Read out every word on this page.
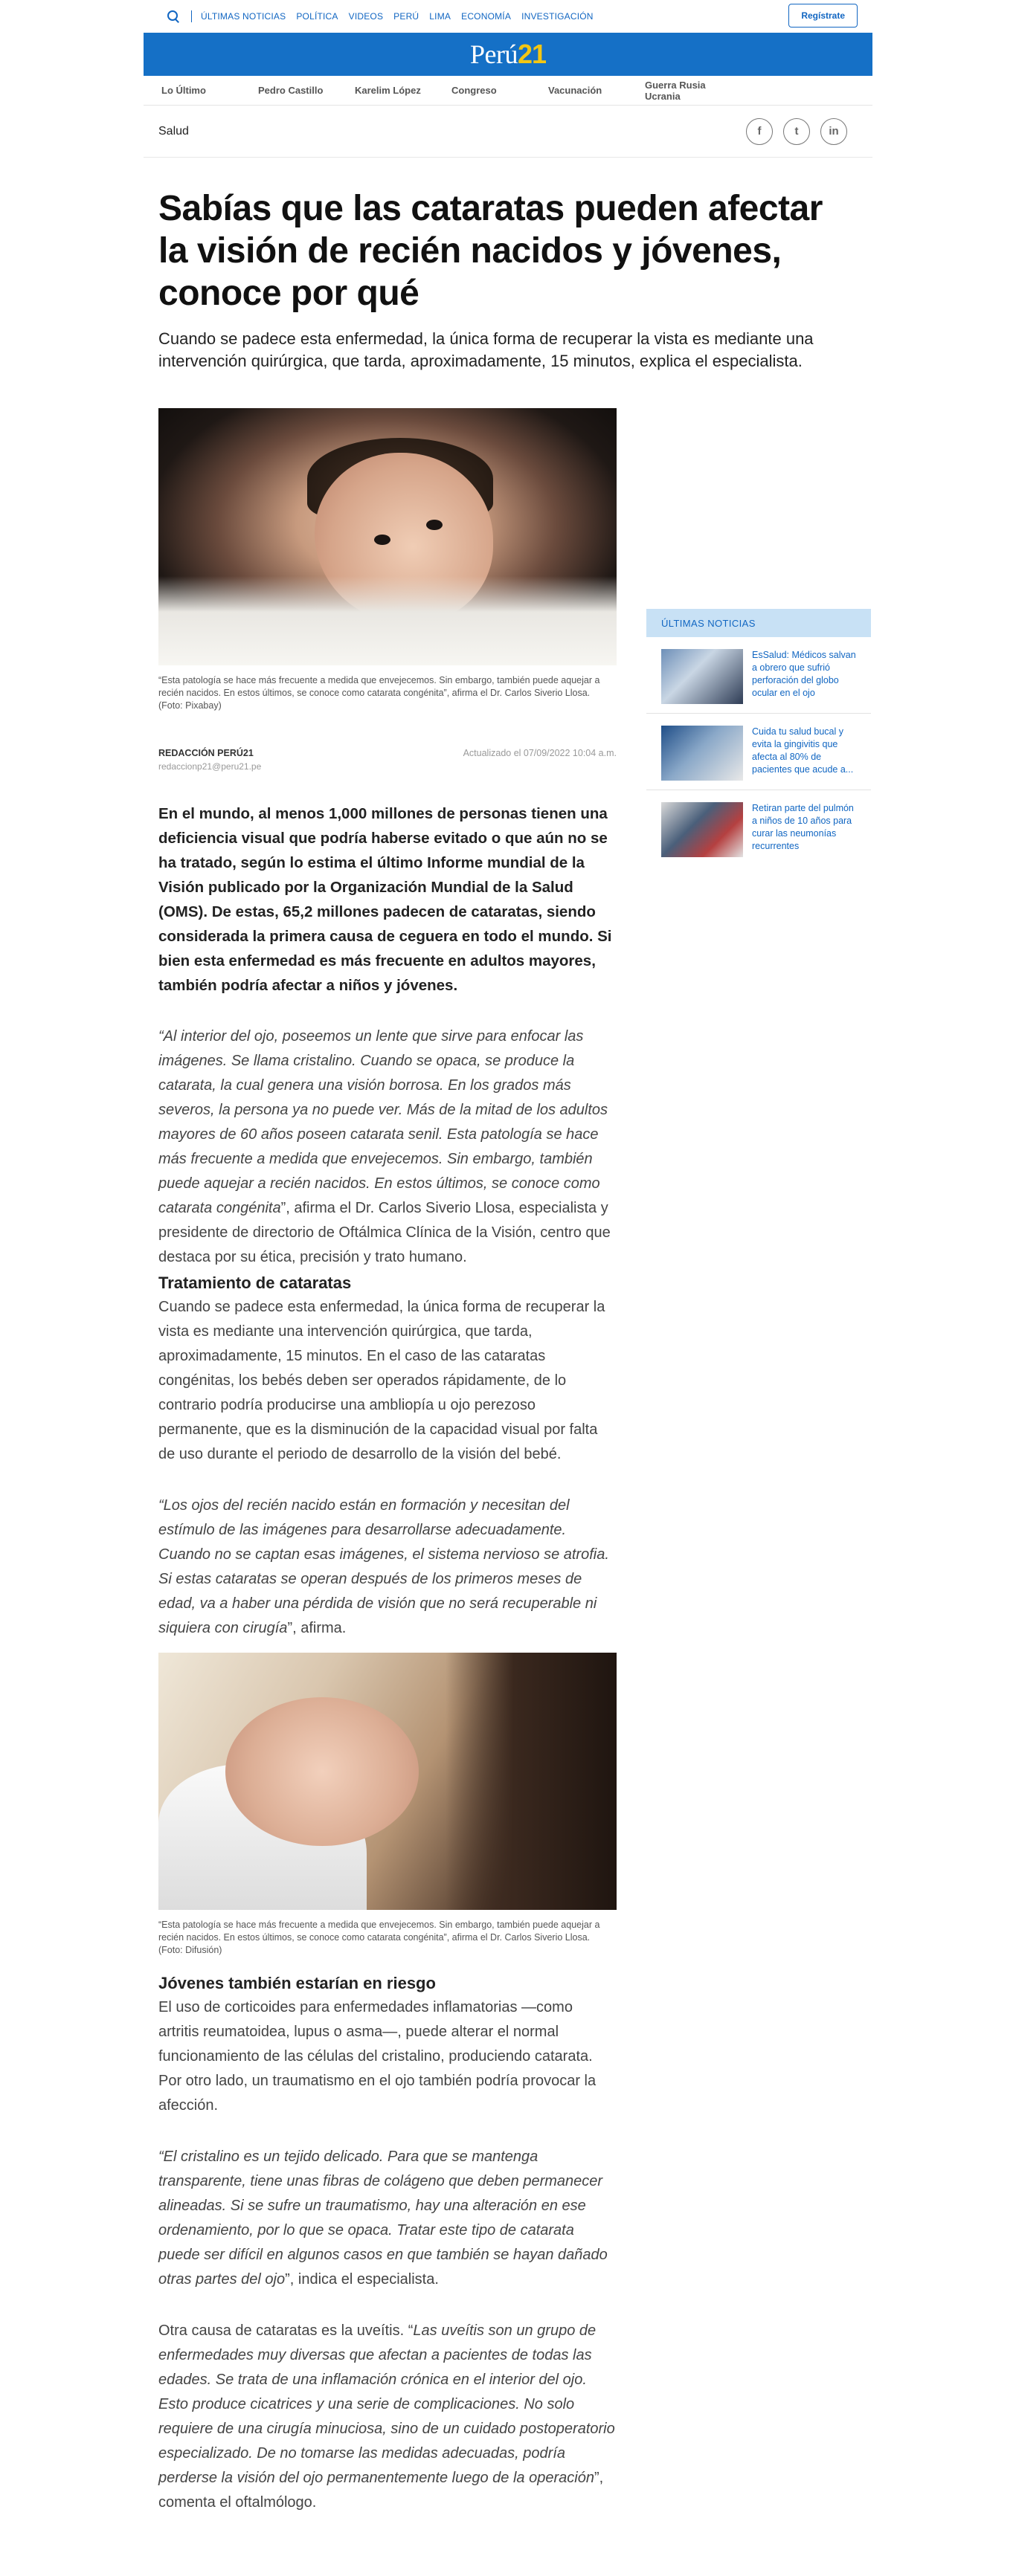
ÚLTIMAS NOTICIAS POLÍTICA VIDEOS PERÚ LIMA ECONOMÍA INVESTIGACIÓN	Regístrate
Perú21
Lo Último	Pedro Castillo	Karelim López	Congreso	Vacunación	Guerra Rusia Ucrania
Salud	f	t	in
Sabías que las cataratas pueden afectar la visión de recién nacidos y jóvenes, conoce por qué

Cuando se padece esta enfermedad, la única forma de recuperar la vista es mediante una intervención quirúrgica, que tarda, aproximadamente, 15 minutos, explica el especialista.

“Esta patología se hace más frecuente a medida que envejecemos. Sin embargo, también puede aquejar a recién nacidos. En estos últimos, se conoce como catarata congénita”, afirma el Dr. Carlos Siverio Llosa. (Foto: Pixabay)

REDACCIÓN PERÚ21
redaccionp21@peru21.pe
Actualizado el 07/09/2022 10:04 a.m.

En el mundo, al menos 1,000 millones de personas tienen una deficiencia visual que podría haberse evitado o que aún no se ha tratado, según lo estima el último Informe mundial de la Visión publicado por la Organización Mundial de la Salud (OMS). De estas, 65,2 millones padecen de cataratas, siendo considerada la primera causa de ceguera en todo el mundo. Si bien esta enfermedad es más frecuente en adultos mayores, también podría afectar a niños y jóvenes.

“Al interior del ojo, poseemos un lente que sirve para enfocar las imágenes. Se llama cristalino. Cuando se opaca, se produce la catarata, la cual genera una visión borrosa. En los grados más severos, la persona ya no puede ver. Más de la mitad de los adultos mayores de 60 años poseen catarata senil. Esta patología se hace más frecuente a medida que envejecemos. Sin embargo, también puede aquejar a recién nacidos. En estos últimos, se conoce como catarata congénita”, afirma el Dr. Carlos Siverio Llosa, especialista y presidente de directorio de Oftálmica Clínica de la Visión, centro que destaca por su ética, precisión y trato humano.

Tratamiento de cataratas

Cuando se padece esta enfermedad, la única forma de recuperar la vista es mediante una intervención quirúrgica, que tarda, aproximadamente, 15 minutos. En el caso de las cataratas congénitas, los bebés deben ser operados rápidamente, de lo contrario podría producirse una ambliopía u ojo perezoso permanente, que es la disminución de la capacidad visual por falta de uso durante el periodo de desarrollo de la visión del bebé.

“Los ojos del recién nacido están en formación y necesitan del estímulo de las imágenes para desarrollarse adecuadamente. Cuando no se captan esas imágenes, el sistema nervioso se atrofia. Si estas cataratas se operan después de los primeros meses de edad, va a haber una pérdida de visión que no será recuperable ni siquiera con cirugía”, afirma.

“Esta patología se hace más frecuente a medida que envejecemos. Sin embargo, también puede aquejar a recién nacidos. En estos últimos, se conoce como catarata congénita”, afirma el Dr. Carlos Siverio Llosa. (Foto: Difusión)

Jóvenes también estarían en riesgo

El uso de corticoides para enfermedades inflamatorias —como artritis reumatoidea, lupus o asma—, puede alterar el normal funcionamiento de las células del cristalino, produciendo catarata. Por otro lado, un traumatismo en el ojo también podría provocar la afección.

“El cristalino es un tejido delicado. Para que se mantenga transparente, tiene unas fibras de colágeno que deben permanecer alineadas. Si se sufre un traumatismo, hay una alteración en ese ordenamiento, por lo que se opaca. Tratar este tipo de catarata puede ser difícil en algunos casos en que también se hayan dañado otras partes del ojo”, indica el especialista.

Otra causa de cataratas es la uveítis. “Las uveítis son un grupo de enfermedades muy diversas que afectan a pacientes de todas las edades. Se trata de una inflamación crónica en el interior del ojo. Esto produce cicatrices y una serie de complicaciones. No solo requiere de una cirugía minuciosa, sino de un cuidado postoperatorio especializado. De no tomarse las medidas adecuadas, podría perderse la visión del ojo permanentemente luego de la operación”, comenta el oftalmólogo.

ÚLTIMAS NOTICIAS
EsSalud: Médicos salvan a obrero que sufrió perforación del globo ocular en el ojo
Cuida tu salud bucal y evita la gingivitis que afecta al 80% de pacientes que acude a...
Retiran parte del pulmón a niños de 10 años para curar las neumonías recurrentes
